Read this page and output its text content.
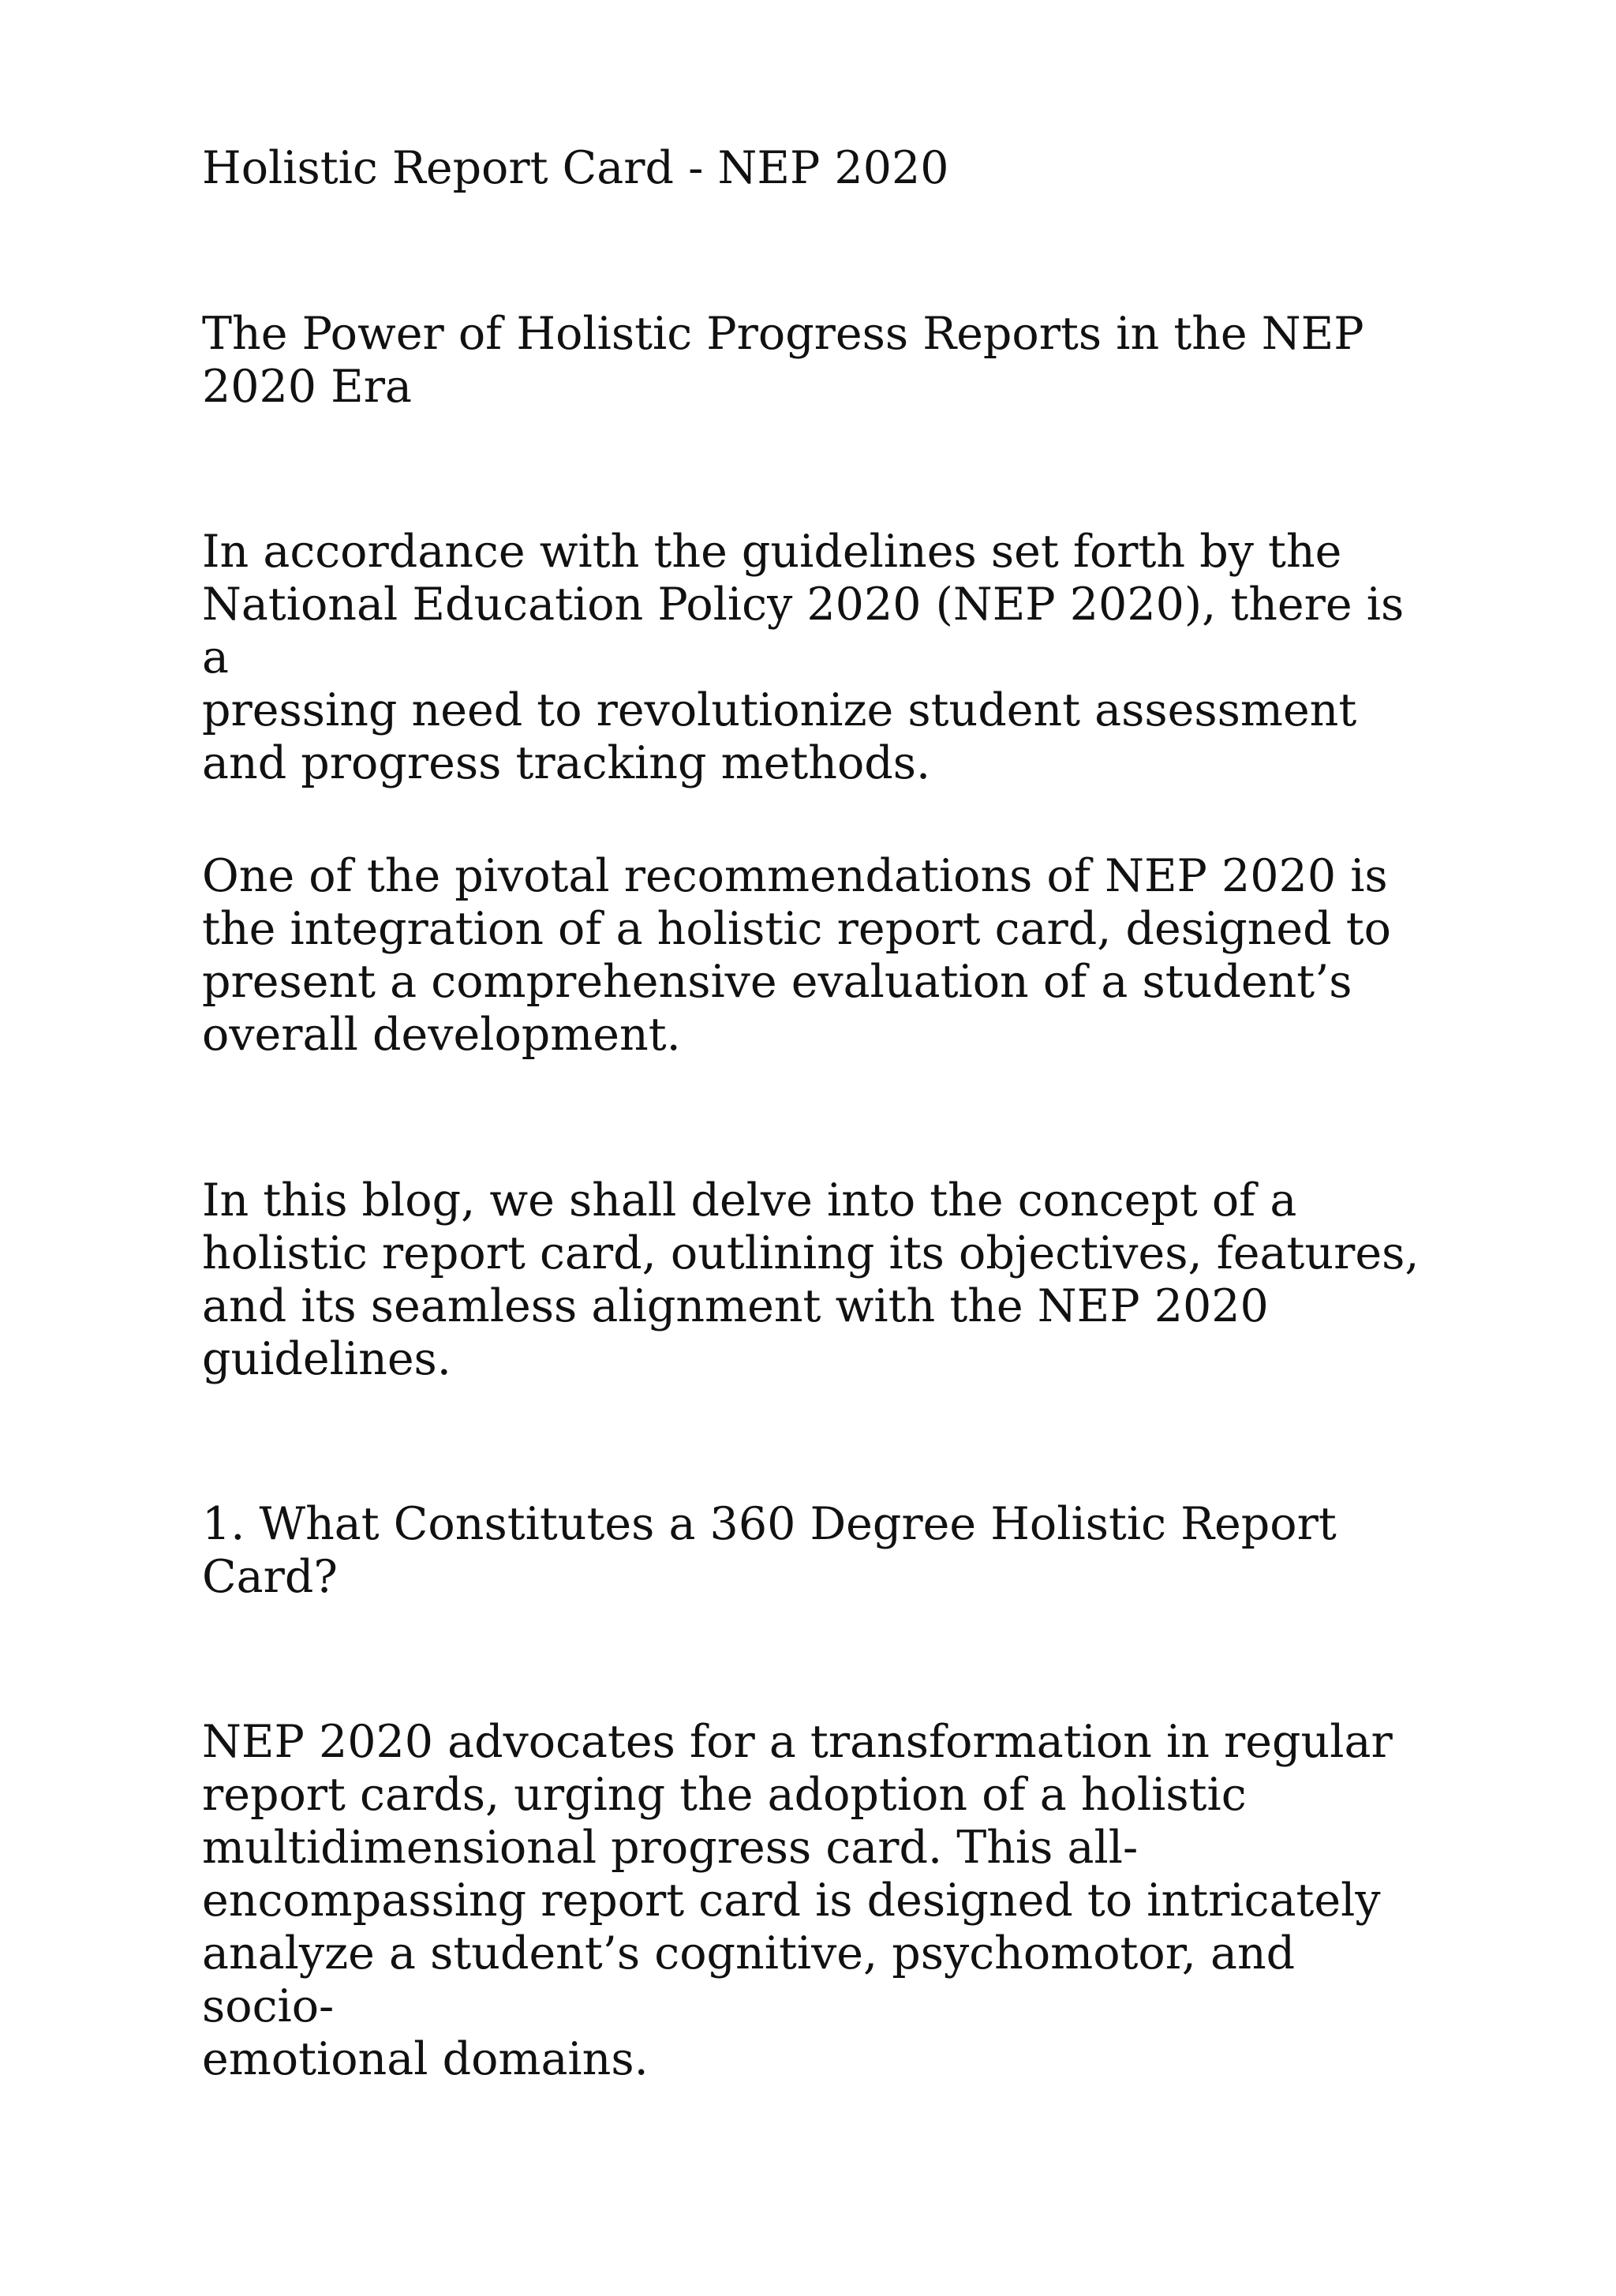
Holistic Report Card - NEP 2020
The Power of Holistic Progress Reports in the NEP
2020 Era

In accordance with the guidelines set forth by the
National Education Policy 2020 (NEP 2020), there is a
pressing need to revolutionize student assessment
and progress tracking methods.

One of the pivotal recommendations of NEP 2020 is
the integration of a holistic report card, designed to
present a comprehensive evaluation of a student’s
overall development.

In this blog, we shall delve into the concept of a
holistic report card, outlining its objectives, features,
and its seamless alignment with the NEP 2020
guidelines.

1. What Constitutes a 360 Degree Holistic Report
Card?

NEP 2020 advocates for a transformation in regular
report cards, urging the adoption of a holistic
multidimensional progress card. This all-
encompassing report card is designed to intricately
analyze a student’s cognitive, psychomotor, and socio-
emotional domains.
